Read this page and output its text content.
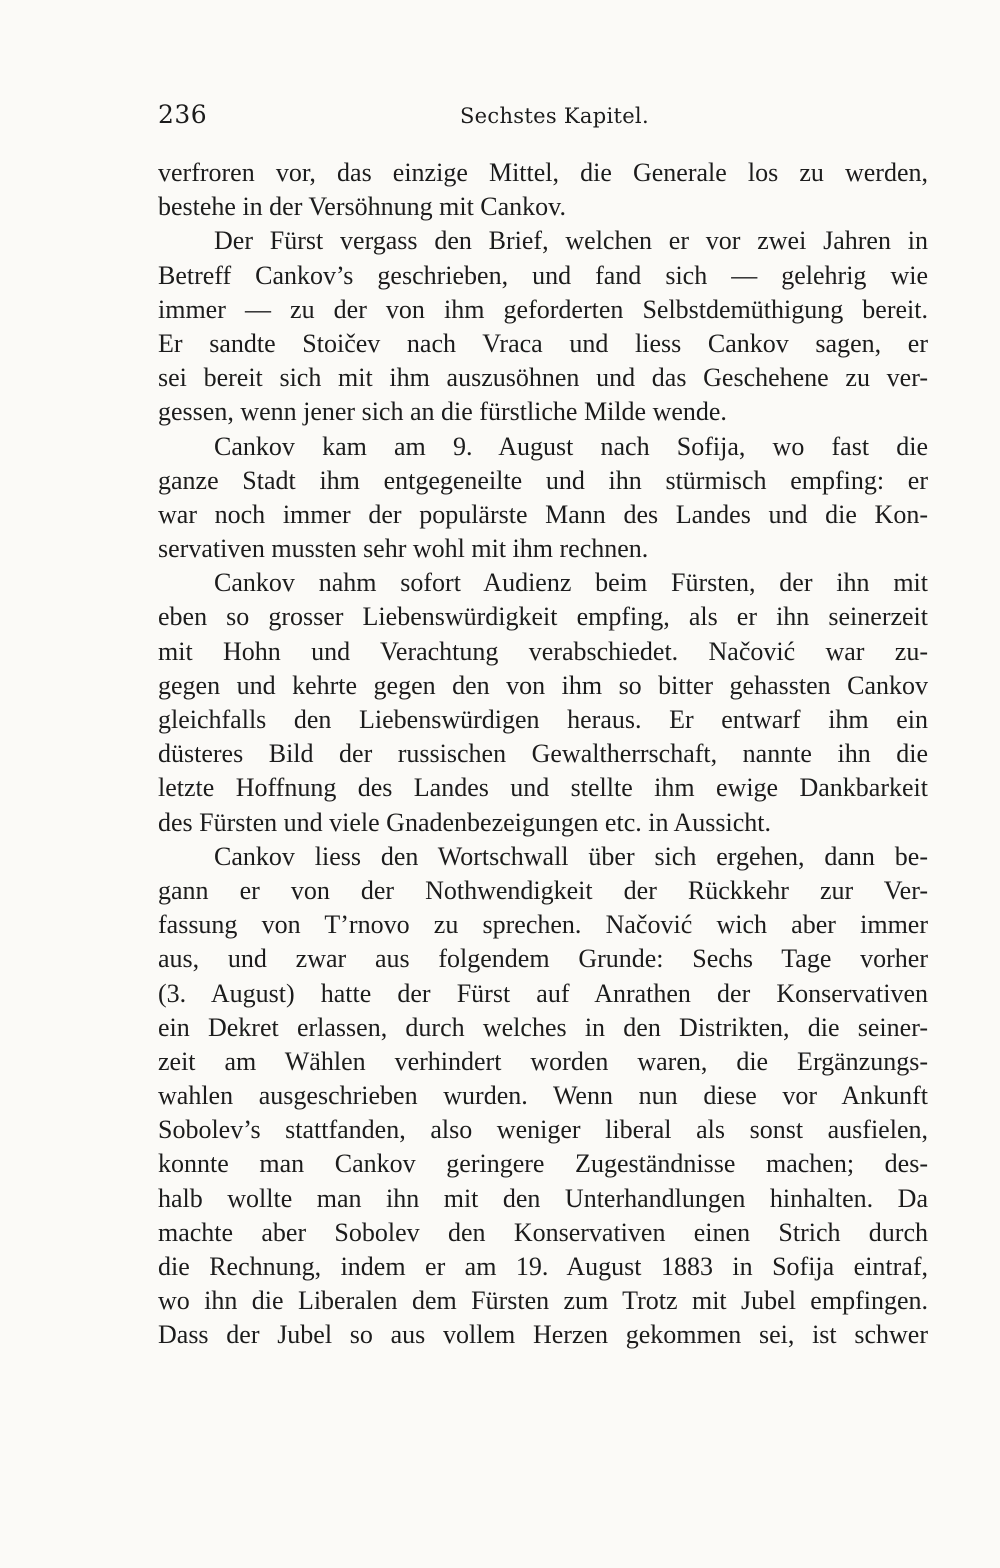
236	Sechstes Kapitel.
verfroren vor, das einzige Mittel, die Generale los zu werden,
bestehe in der Versöhnung mit Cankov.
Der Fürst vergass den Brief, welchen er vor zwei Jahren in
Betreff Cankov’s geschrieben, und fand sich — gelehrig wie
immer — zu der von ihm geforderten Selbstdemüthigung bereit.
Er sandte Stoičev nach Vraca und liess Cankov sagen, er
sei bereit sich mit ihm auszusöhnen und das Geschehene zu ver-
gessen, wenn jener sich an die fürstliche Milde wende.
Cankov kam am 9. August nach Sofija, wo fast die
ganze Stadt ihm entgegeneilte und ihn stürmisch empfing: er
war noch immer der populärste Mann des Landes und die Kon-
servativen mussten sehr wohl mit ihm rechnen.
Cankov nahm sofort Audienz beim Fürsten, der ihn mit
eben so grosser Liebenswürdigkeit empfing, als er ihn seinerzeit
mit Hohn und Verachtung verabschiedet. Načović war zu-
gegen und kehrte gegen den von ihm so bitter gehassten Cankov
gleichfalls den Liebenswürdigen heraus. Er entwarf ihm ein
düsteres Bild der russischen Gewaltherrschaft, nannte ihn die
letzte Hoffnung des Landes und stellte ihm ewige Dankbarkeit
des Fürsten und viele Gnadenbezeigungen etc. in Aussicht.
Cankov liess den Wortschwall über sich ergehen, dann be-
gann er von der Nothwendigkeit der Rückkehr zur Ver-
fassung von T’rnovo zu sprechen. Načović wich aber immer
aus, und zwar aus folgendem Grunde: Sechs Tage vorher
(3. August) hatte der Fürst auf Anrathen der Konservativen
ein Dekret erlassen, durch welches in den Distrikten, die seiner-
zeit am Wählen verhindert worden waren, die Ergänzungs-
wahlen ausgeschrieben wurden. Wenn nun diese vor Ankunft
Sobolev’s stattfanden, also weniger liberal als sonst ausfielen,
konnte man Cankov geringere Zugeständnisse machen; des-
halb wollte man ihn mit den Unterhandlungen hinhalten. Da
machte aber Sobolev den Konservativen einen Strich durch
die Rechnung, indem er am 19. August 1883 in Sofija eintraf,
wo ihn die Liberalen dem Fürsten zum Trotz mit Jubel empfingen.
Dass der Jubel so aus vollem Herzen gekommen sei, ist schwer
